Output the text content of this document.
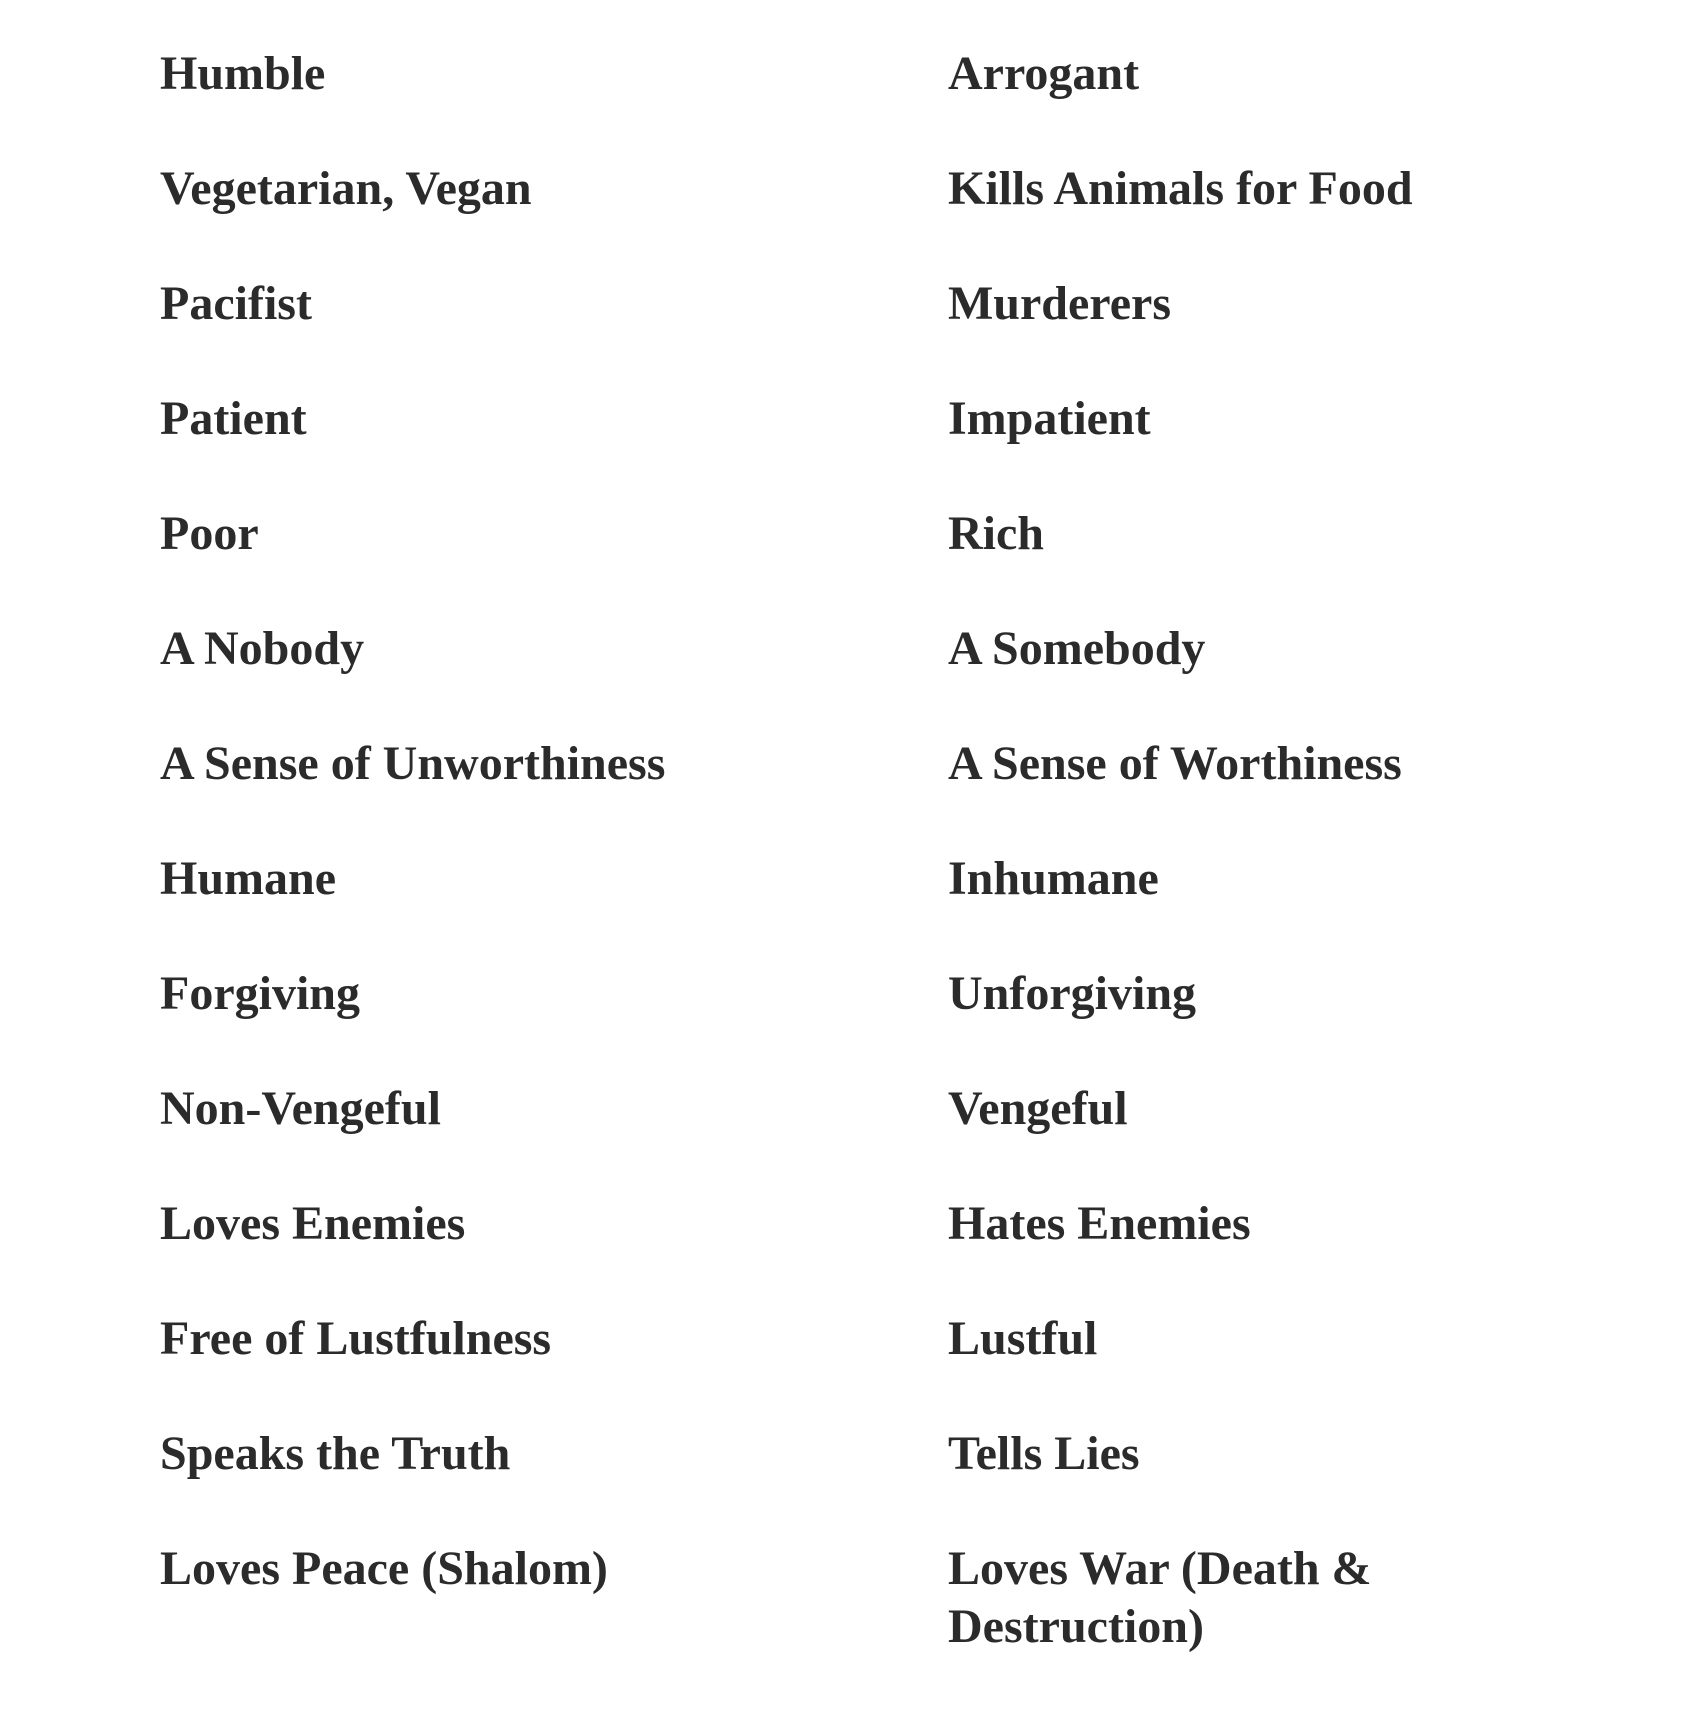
Humble	Arrogant
Vegetarian, Vegan	Kills Animals for Food
Pacifist	Murderers
Patient	Impatient
Poor	Rich
A Nobody	A Somebody
A Sense of Unworthiness	A Sense of Worthiness
Humane	Inhumane
Forgiving	Unforgiving
Non-Vengeful	Vengeful
Loves Enemies	Hates Enemies
Free of Lustfulness	Lustful
Speaks the Truth	Tells Lies
Loves Peace (Shalom)	Loves War (Death & Destruction)
